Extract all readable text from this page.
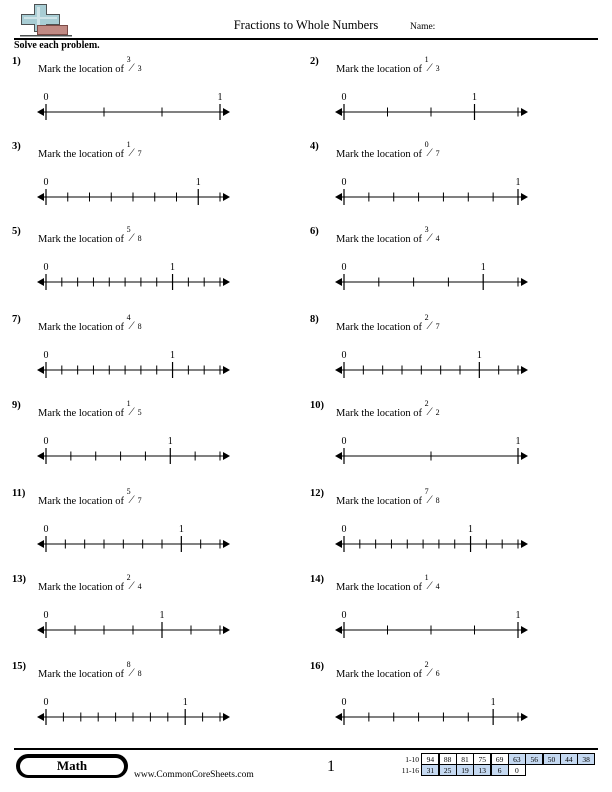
Fractions to Whole Numbers	Name:
Solve each problem.
1)
Mark the location of
3
⁄ 3
0	1
2)
Mark the location of
1
⁄ 3
0	1
3)
Mark the location of
1
⁄ 7
0	1
4)
Mark the location of
0
⁄ 7
0	1
5)
Mark the location of
5
⁄ 8
0	1
6)
Mark the location of
3
⁄ 4
0	1
7)
Mark the location of
4
⁄ 8
0	1
8)
Mark the location of
2
⁄ 7
0	1
9)
Mark the location of
1
⁄ 5
0	1
10)
Mark the location of
2
⁄ 2
0	1
11)
Mark the location of
5
⁄ 7
0	1
12)
Mark the location of
7
⁄ 8
0	1
13)
Mark the location of
2
⁄ 4
0	1
14)
Mark the location of
1
⁄ 4
0	1
15)
Mark the location of
8
⁄ 8
0	1
16)
Mark the location of
2
⁄ 6
0	1
Math
www.CommonCoreSheets.com	1	1-10	94	88	81	75	69	63	56	50	44	38
11-16	31	25	19	13	6	0
